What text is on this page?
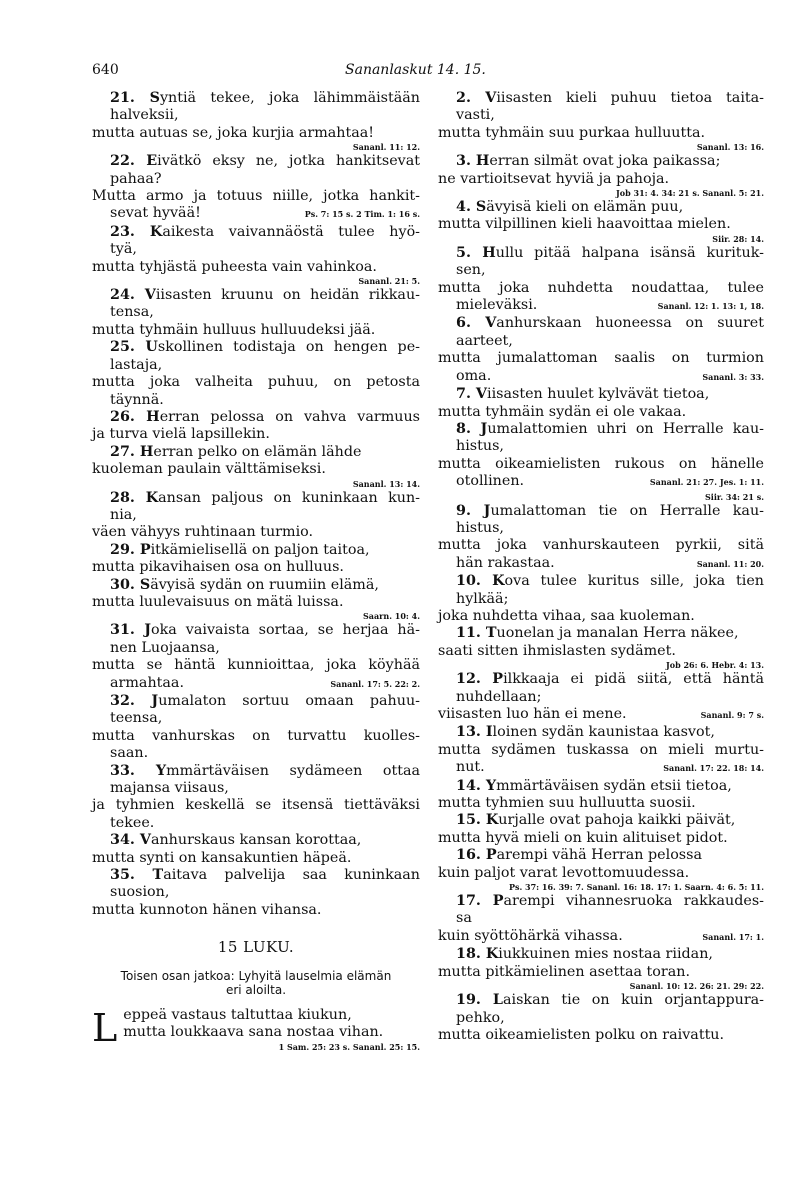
640	Sananlaskut 14. 15.
21. Syntiä tekee, joka lähimmäistään
halveksii,
mutta autuas se, joka kurjia armahtaa!
Sananl. 11: 12.
22. Eivätkö eksy ne, jotka hankitsevat
pahaa?
Mutta armo ja totuus niille, jotka hankit-
sevat hyvää!	Ps. 7: 15 s. 2 Tim. 1: 16 s.
23. Kaikesta vaivannäöstä tulee hyö-
tyä,
mutta tyhjästä puheesta vain vahinkoa.
Sananl. 21: 5.
24. Viisasten kruunu on heidän rikkau-
tensa,
mutta tyhmäin hulluus hulluudeksi jää.
25. Uskollinen todistaja on hengen pe-
lastaja,
mutta joka valheita puhuu, on petosta
täynnä.
26. Herran pelossa on vahva varmuus
ja turva vielä lapsillekin.
27. Herran pelko on elämän lähde
kuoleman paulain välttämiseksi.
Sananl. 13: 14.
28. Kansan paljous on kuninkaan kun-
nia,
väen vähyys ruhtinaan turmio.
29. Pitkämielisellä on paljon taitoa,
mutta pikavihaisen osa on hulluus.
30. Sävyisä sydän on ruumiin elämä,
mutta luulevaisuus on mätä luissa.
Saarn. 10: 4.
31. Joka vaivaista sortaa, se herjaa hä-
nen Luojaansa,
mutta se häntä kunnioittaa, joka köyhää
armahtaa.	Sananl. 17: 5. 22: 2.
32. Jumalaton sortuu omaan pahuu-
teensa,
mutta vanhurskas on turvattu kuolles-
saan.
33. Ymmärtäväisen sydämeen ottaa
majansa viisaus,
ja tyhmien keskellä se itsensä tiettäväksi
tekee.
34. Vanhurskaus kansan korottaa,
mutta synti on kansakuntien häpeä.
35. Taitava palvelija saa kuninkaan
suosion,
mutta kunnoton hänen vihansa.
15 LUKU.
Toisen osan jatkoa: Lyhyitä lauselmia elämän
eri aloilta.
L eppeä vastaus taltuttaa kiukun,
mutta loukkaava sana nostaa vihan.
1 Sam. 25: 23 s. Sananl. 25: 15.
2. Viisasten kieli puhuu tietoa taita-
vasti,
mutta tyhmäin suu purkaa hulluutta.
Sananl. 13: 16.
3. Herran silmät ovat joka paikassa;
ne vartioitsevat hyviä ja pahoja.
Job 31: 4. 34: 21 s. Sananl. 5: 21.
4. Sävyisä kieli on elämän puu,
mutta vilpillinen kieli haavoittaa mielen.
Siir. 28: 14.
5. Hullu pitää halpana isänsä kurituk-
sen,
mutta joka nuhdetta noudattaa, tulee
mieleväksi.	Sananl. 12: 1. 13: 1, 18.
6. Vanhurskaan huoneessa on suuret
aarteet,
mutta jumalattoman saalis on turmion
oma.	Sananl. 3: 33.
7. Viisasten huulet kylvävät tietoa,
mutta tyhmäin sydän ei ole vakaa.
8. Jumalattomien uhri on Herralle kau-
histus,
mutta oikeamielisten rukous on hänelle
otollinen.	Sananl. 21: 27. Jes. 1: 11.
Siir. 34: 21 s.
9. Jumalattoman tie on Herralle kau-
histus,
mutta joka vanhurskauteen pyrkii, sitä
hän rakastaa.	Sananl. 11: 20.
10. Kova tulee kuritus sille, joka tien
hylkää;
joka nuhdetta vihaa, saa kuoleman.
11. Tuonelan ja manalan Herra näkee,
saati sitten ihmislasten sydämet.
Job 26: 6. Hebr. 4: 13.
12. Pilkkaaja ei pidä siitä, että häntä
nuhdellaan;
viisasten luo hän ei mene.	Sananl. 9: 7 s.
13. Iloinen sydän kaunistaa kasvot,
mutta sydämen tuskassa on mieli murtu-
nut.	Sananl. 17: 22. 18: 14.
14. Ymmärtäväisen sydän etsii tietoa,
mutta tyhmien suu hulluutta suosii.
15. Kurjalle ovat pahoja kaikki päivät,
mutta hyvä mieli on kuin alituiset pidot.
16. Parempi vähä Herran pelossa
kuin paljot varat levottomuudessa.
Ps. 37: 16. 39: 7. Sananl. 16: 18. 17: 1. Saarn. 4: 6. 5: 11.
17. Parempi vihannesruoka rakkaudes-
sa
kuin syöttöhärkä vihassa.	Sananl. 17: 1.
18. Kiukkuinen mies nostaa riidan,
mutta pitkämielinen asettaa toran.
Sananl. 10: 12. 26: 21. 29: 22.
19. Laiskan tie on kuin orjantappura-
pehko,
mutta oikeamielisten polku on raivattu.
